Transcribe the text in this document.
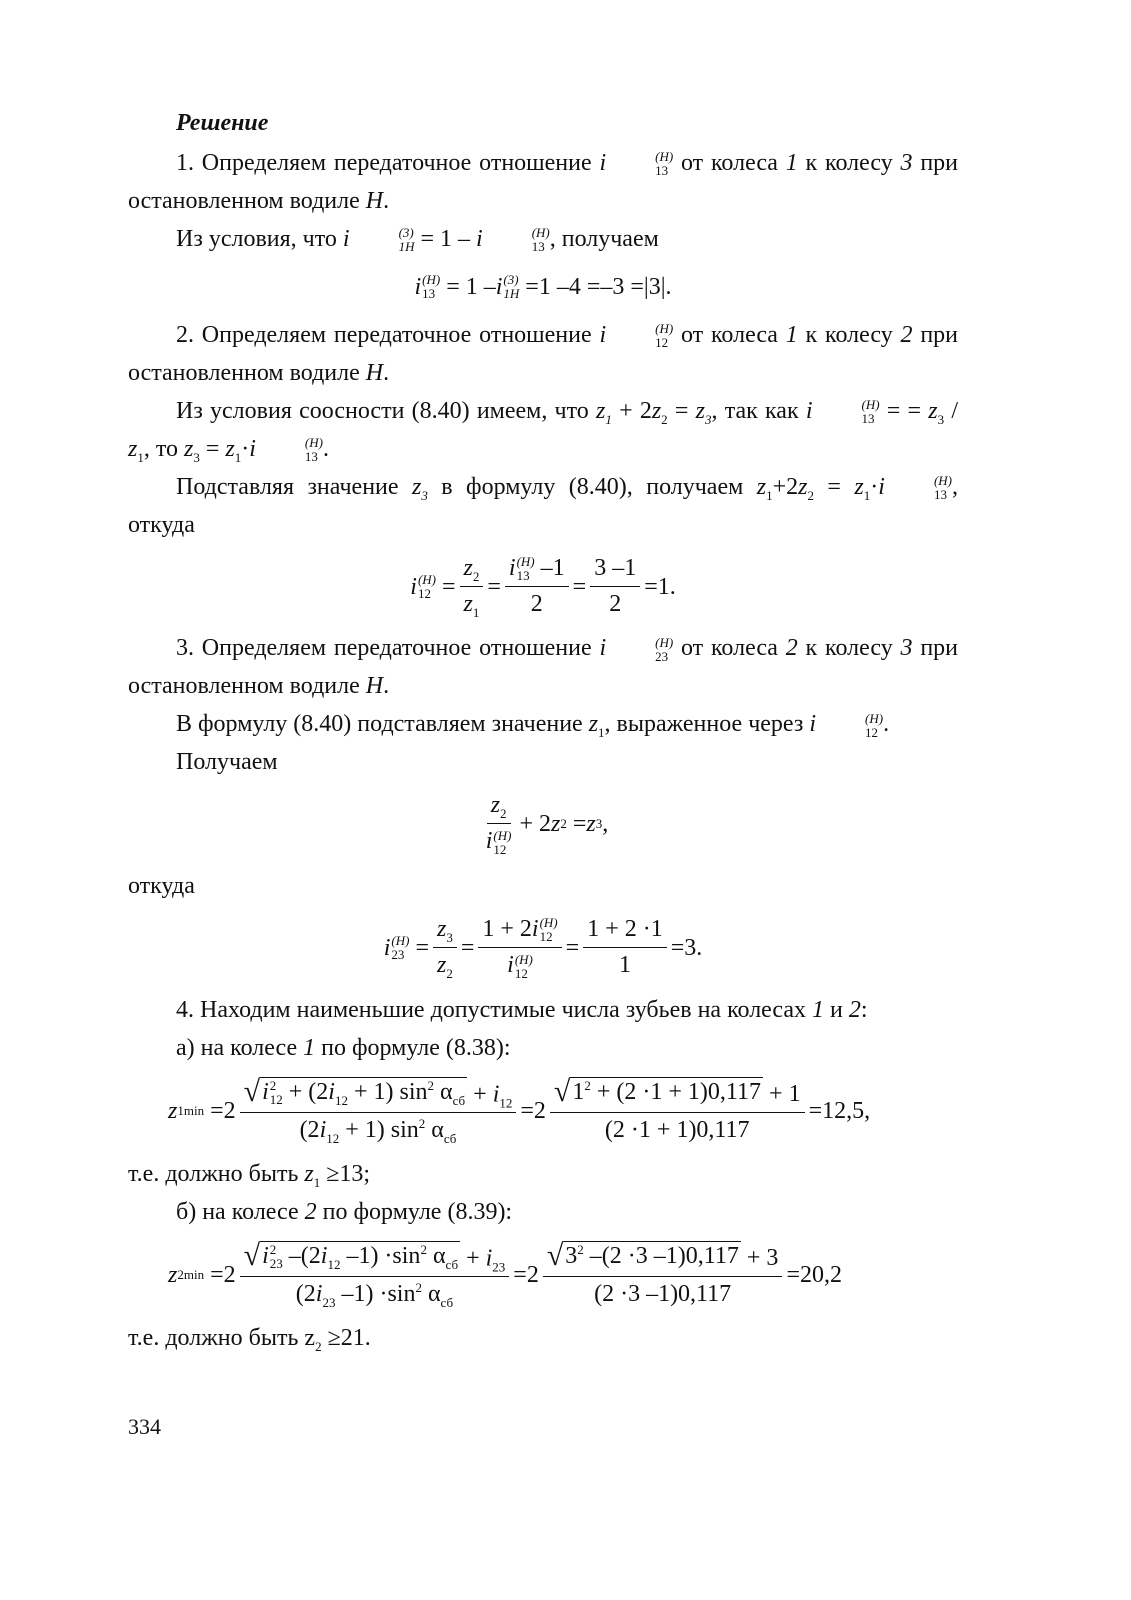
Решение

1. Определяем передаточное отношение i	(H)
13 от колеса 1 к колесу 3 при остановленном водиле H.

Из условия, что i	(3)
1H = 1 – i	(H)
13 , получаем

i (H)
13 = 1 – i (3)
1H =1 –4 =–3 =|3|.

2. Определяем передаточное отношение i	(H)
12 от колеса 1 к колесу 2 при остановленном водиле H.

Из условия соосности (8.40) имеем, что $z_1 + 2z_2 = z_3$, так как i	(H)
13 = = $z_3 / z_1$, то $z_3 = z_1\cdot i$	(H)
13 .

Подставляя значение $z_3$ в формулу (8.40), получаем $z_1+2z_2 = z_1\cdot i$	(H)
13 , откуда

i (H)
$12 = \frac{z_2}{z_1} = i$ (H)
13 –1
$2 = \frac{3 -1}{2} =1$.

3. Определяем передаточное отношение i	(H)
23 от колеса 2 к колесу 3 при остановленном водиле H.

В формулу (8.40) подставляем значение $z_1$, выраженное через i	(H)
12 .

Получаем

$z_2$
i (H)
12 + 2 z 2 = z 3 ,

откуда

i (H)
$23 = \frac{z_3}{z_2} = 1 + 2i$ (H)
12
i (H)
$12 = \frac{1 + 2 \cdot 1}{1} =3$.

4. Находим наименьшие допустимые числа зубьев на колесах 1 и 2:

а) на колесе 1 по формуле (8.38):

z 1min =2 √ i 2
$12 + (2i_{12} + 1)$ $\sin^2 \alpha_{сб} + i_{12}$
$(2i_{12} + 1)$ $\sin^2 \alpha_{сб} =2 \frac{√ 1^2 + (2 \cdot 1 + 1)0,117 + 1}{(2 \cdot 1 + 1)0,117} =12,5$,

т.е. должно быть $z_1 \ge 13$;

б) на колесе 2 по формуле (8.39):

z 2min =2 √ i 2
23 $-(2i_{12}$ $-1) \cdot\sin^2$ $\alpha_{сб} + i_{23}$
($2i_{23}$ $-1) \cdot\sin^2$ $\alpha_{сб} =2 \frac{√ 3^2 -(2 \cdot 3 -1)0,117 + 3}{(2 \cdot 3 -1)0,117} =20,2$

т.е. должно быть $z_2 \ge 21$.

334
